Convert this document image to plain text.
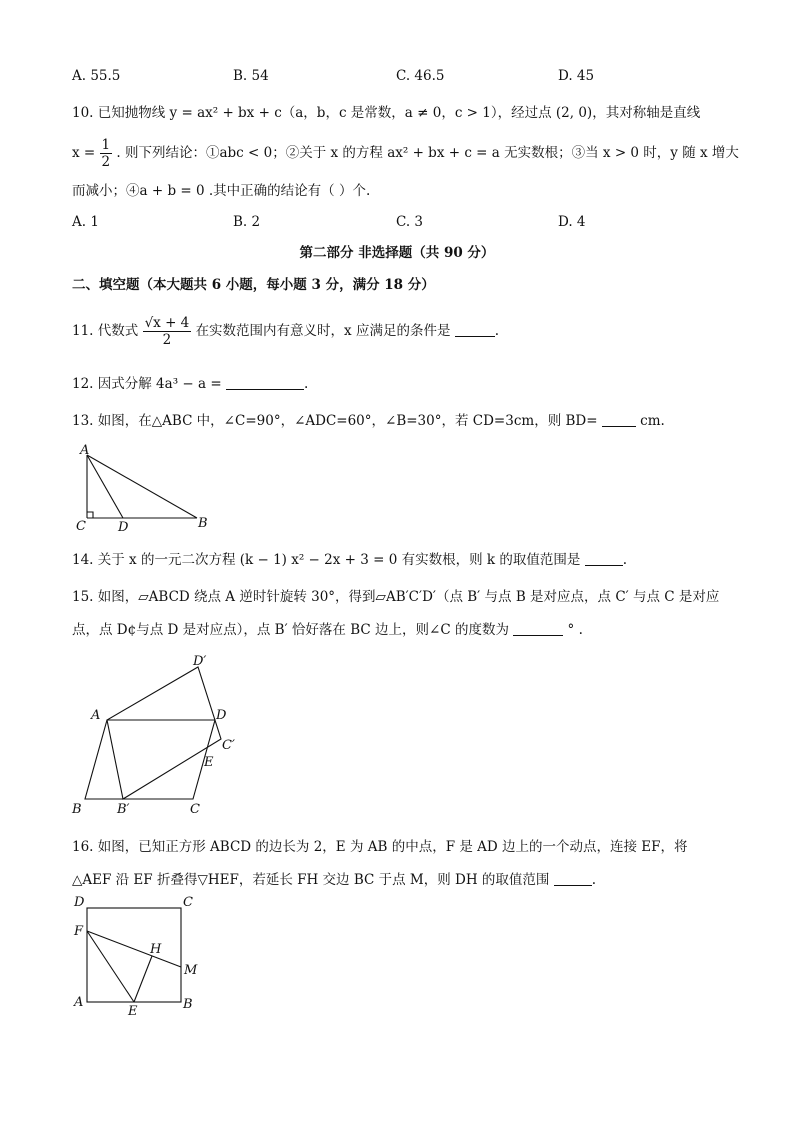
A. 55.5	B. 54	C. 46.5	D. 45
10. 已知抛物线 y = ax² + bx + c（a，b，c 是常数，a ≠ 0，c > 1），经过点 (2, 0)，其对称轴是直线
$x = \frac{1}{2}$ . 则下列结论：①abc < 0；②关于 x 的方程 ax² + bx + c = a 无实数根；③当 x > 0 时，y 随 x 增大
而减小；④a + b = 0 .其中正确的结论有（ ）个.
A. 1	B. 2	C. 3	D. 4
第二部分 非选择题（共 90 分）
二、填空题（本大题共 6 小题，每小题 3 分，满分 18 分）
11. 代数式 $\frac{√x + 4}{2}$ 在实数范围内有意义时，x 应满足的条件是	.
12. 因式分解 4a³ − a =	.
13. 如图，在△ABC 中，∠C=90°，∠ADC=60°，∠B=30°，若 CD=3cm，则 BD=	cm.
A
C D	B
14. 关于 x 的一元二次方程 (k − 1) x² − 2x + 3 = 0 有实数根，则 k 的取值范围是	.
15. 如图，▱ABCD 绕点 A 逆时针旋转 30°，得到▱AB′C′D′（点 B′ 与点 B 是对应点，点 C′ 与点 C 是对应
点，点 D¢与点 D 是对应点），点 B′ 恰好落在 BC 边上，则∠C 的度数为	° .
A	D
D′
C′
E
B	B′	C
16. 如图，已知正方形 ABCD 的边长为 2，E 为 AB 的中点，F 是 AD 边上的一个动点，连接 EF，将
△AEF 沿 EF 折叠得▽HEF，若延长 FH 交边 BC 于点 M，则 DH 的取值范围	.
D	C
F
H
M
A
E	B
